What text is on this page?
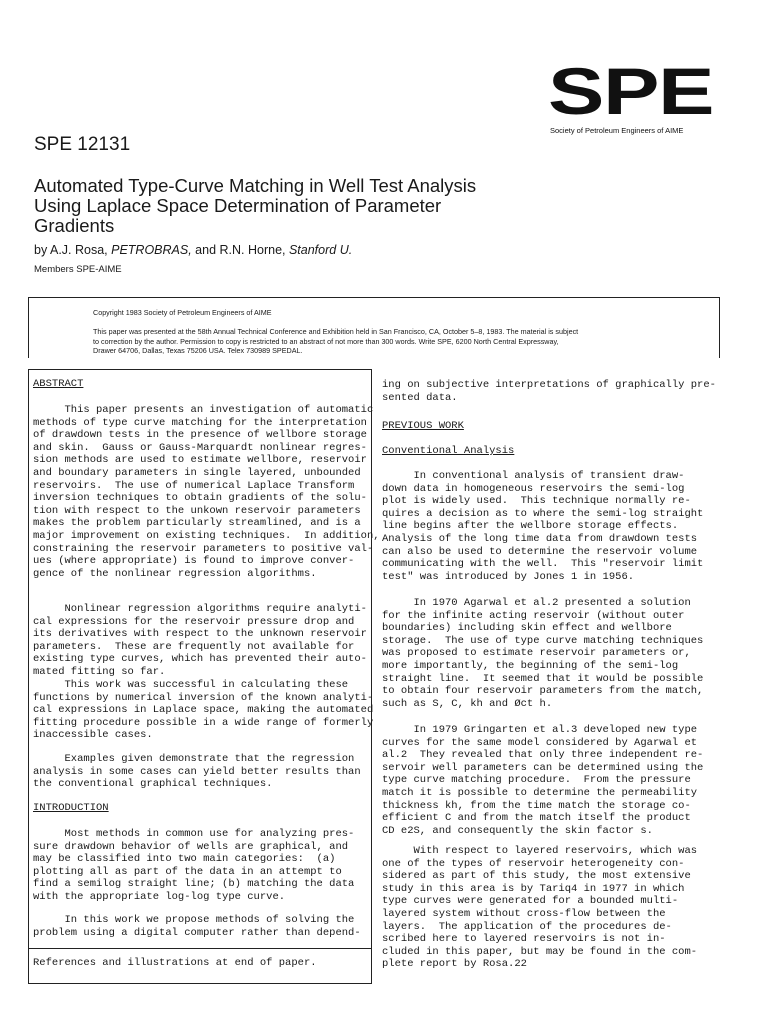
SPE
Society of Petroleum Engineers of AIME
SPE 12131
Automated Type-Curve Matching in Well Test Analysis
Using Laplace Space Determination of Parameter
Gradients
by A.J. Rosa, PETROBRAS, and R.N. Horne, Stanford U.
Members SPE-AIME

Copyright 1983 Society of Petroleum Engineers of AIME

This paper was presented at the 58th Annual Technical Conference and Exhibition held in San Francisco, CA, October 5–8, 1983. The material is subject

to correction by the author. Permission to copy is restricted to an abstract of not more than 300 words. Write SPE, 6200 North Central Expressway,

Drawer 64706, Dallas, Texas 75206 USA. Telex 730989 SPEDAL.

ABSTRACT

This paper presents an investigation of automatic

methods of type curve matching for the interpretation

of drawdown tests in the presence of wellbore storage

and skin.  Gauss or Gauss-Marquardt nonlinear regres-

sion methods are used to estimate wellbore, reservoir

and boundary parameters in single layered, unbounded

reservoirs.  The use of numerical Laplace Transform

inversion techniques to obtain gradients of the solu-

tion with respect to the unkown reservoir parameters

makes the problem particularly streamlined, and is a

major improvement on existing techniques.  In addition,

constraining the reservoir parameters to positive val-

ues (where appropriate) is found to improve conver-

gence of the nonlinear regression algorithms.

Nonlinear regression algorithms require analyti-

cal expressions for the reservoir pressure drop and

its derivatives with respect to the unknown reservoir

parameters.  These are frequently not available for

existing type curves, which has prevented their auto-

mated fitting so far.

This work was successful in calculating these

functions by numerical inversion of the known analyti-

cal expressions in Laplace space, making the automated

fitting procedure possible in a wide range of formerly

inaccessible cases.

Examples given demonstrate that the regression

analysis in some cases can yield better results than

the conventional graphical techniques.

INTRODUCTION

Most methods in common use for analyzing pres-

sure drawdown behavior of wells are graphical, and

may be classified into two main categories:  (a)

plotting all as part of the data in an attempt to

find a semilog straight line; (b) matching the data

with the appropriate log-log type curve.

In this work we propose methods of solving the

problem using a digital computer rather than depend-

References and illustrations at end of paper.

ing on subjective interpretations of graphically pre-

sented data.

PREVIOUS WORK
Conventional Analysis

In conventional analysis of transient draw-

down data in homogeneous reservoirs the semi-log

plot is widely used.  This technique normally re-

quires a decision as to where the semi-log straight

line begins after the wellbore storage effects.

Analysis of the long time data from drawdown tests

can also be used to determine the reservoir volume

communicating with the well.  This "reservoir limit

test" was introduced by Jones 1 in 1956.

In 1970 Agarwal et al.2 presented a solution

for the infinite acting reservoir (without outer

boundaries) including skin effect and wellbore

storage.  The use of type curve matching techniques

was proposed to estimate reservoir parameters or,

more importantly, the beginning of the semi-log

straight line.  It seemed that it would be possible

to obtain four reservoir parameters from the match,

such as S, C, kh and Øct h.

In 1979 Gringarten et al.3 developed new type

curves for the same model considered by Agarwal et

al.2  They revealed that only three independent re-

servoir well parameters can be determined using the

type curve matching procedure.  From the pressure

match it is possible to determine the permeability

thickness kh, from the time match the storage co-

efficient C and from the match itself the product

CD e2S, and consequently the skin factor s.

With respect to layered reservoirs, which was

one of the types of reservoir heterogeneity con-

sidered as part of this study, the most extensive

study in this area is by Tariq4 in 1977 in which

type curves were generated for a bounded multi-

layered system without cross-flow between the

layers.  The application of the procedures de-

scribed here to layered reservoirs is not in-

cluded in this paper, but may be found in the com-

plete report by Rosa.22
